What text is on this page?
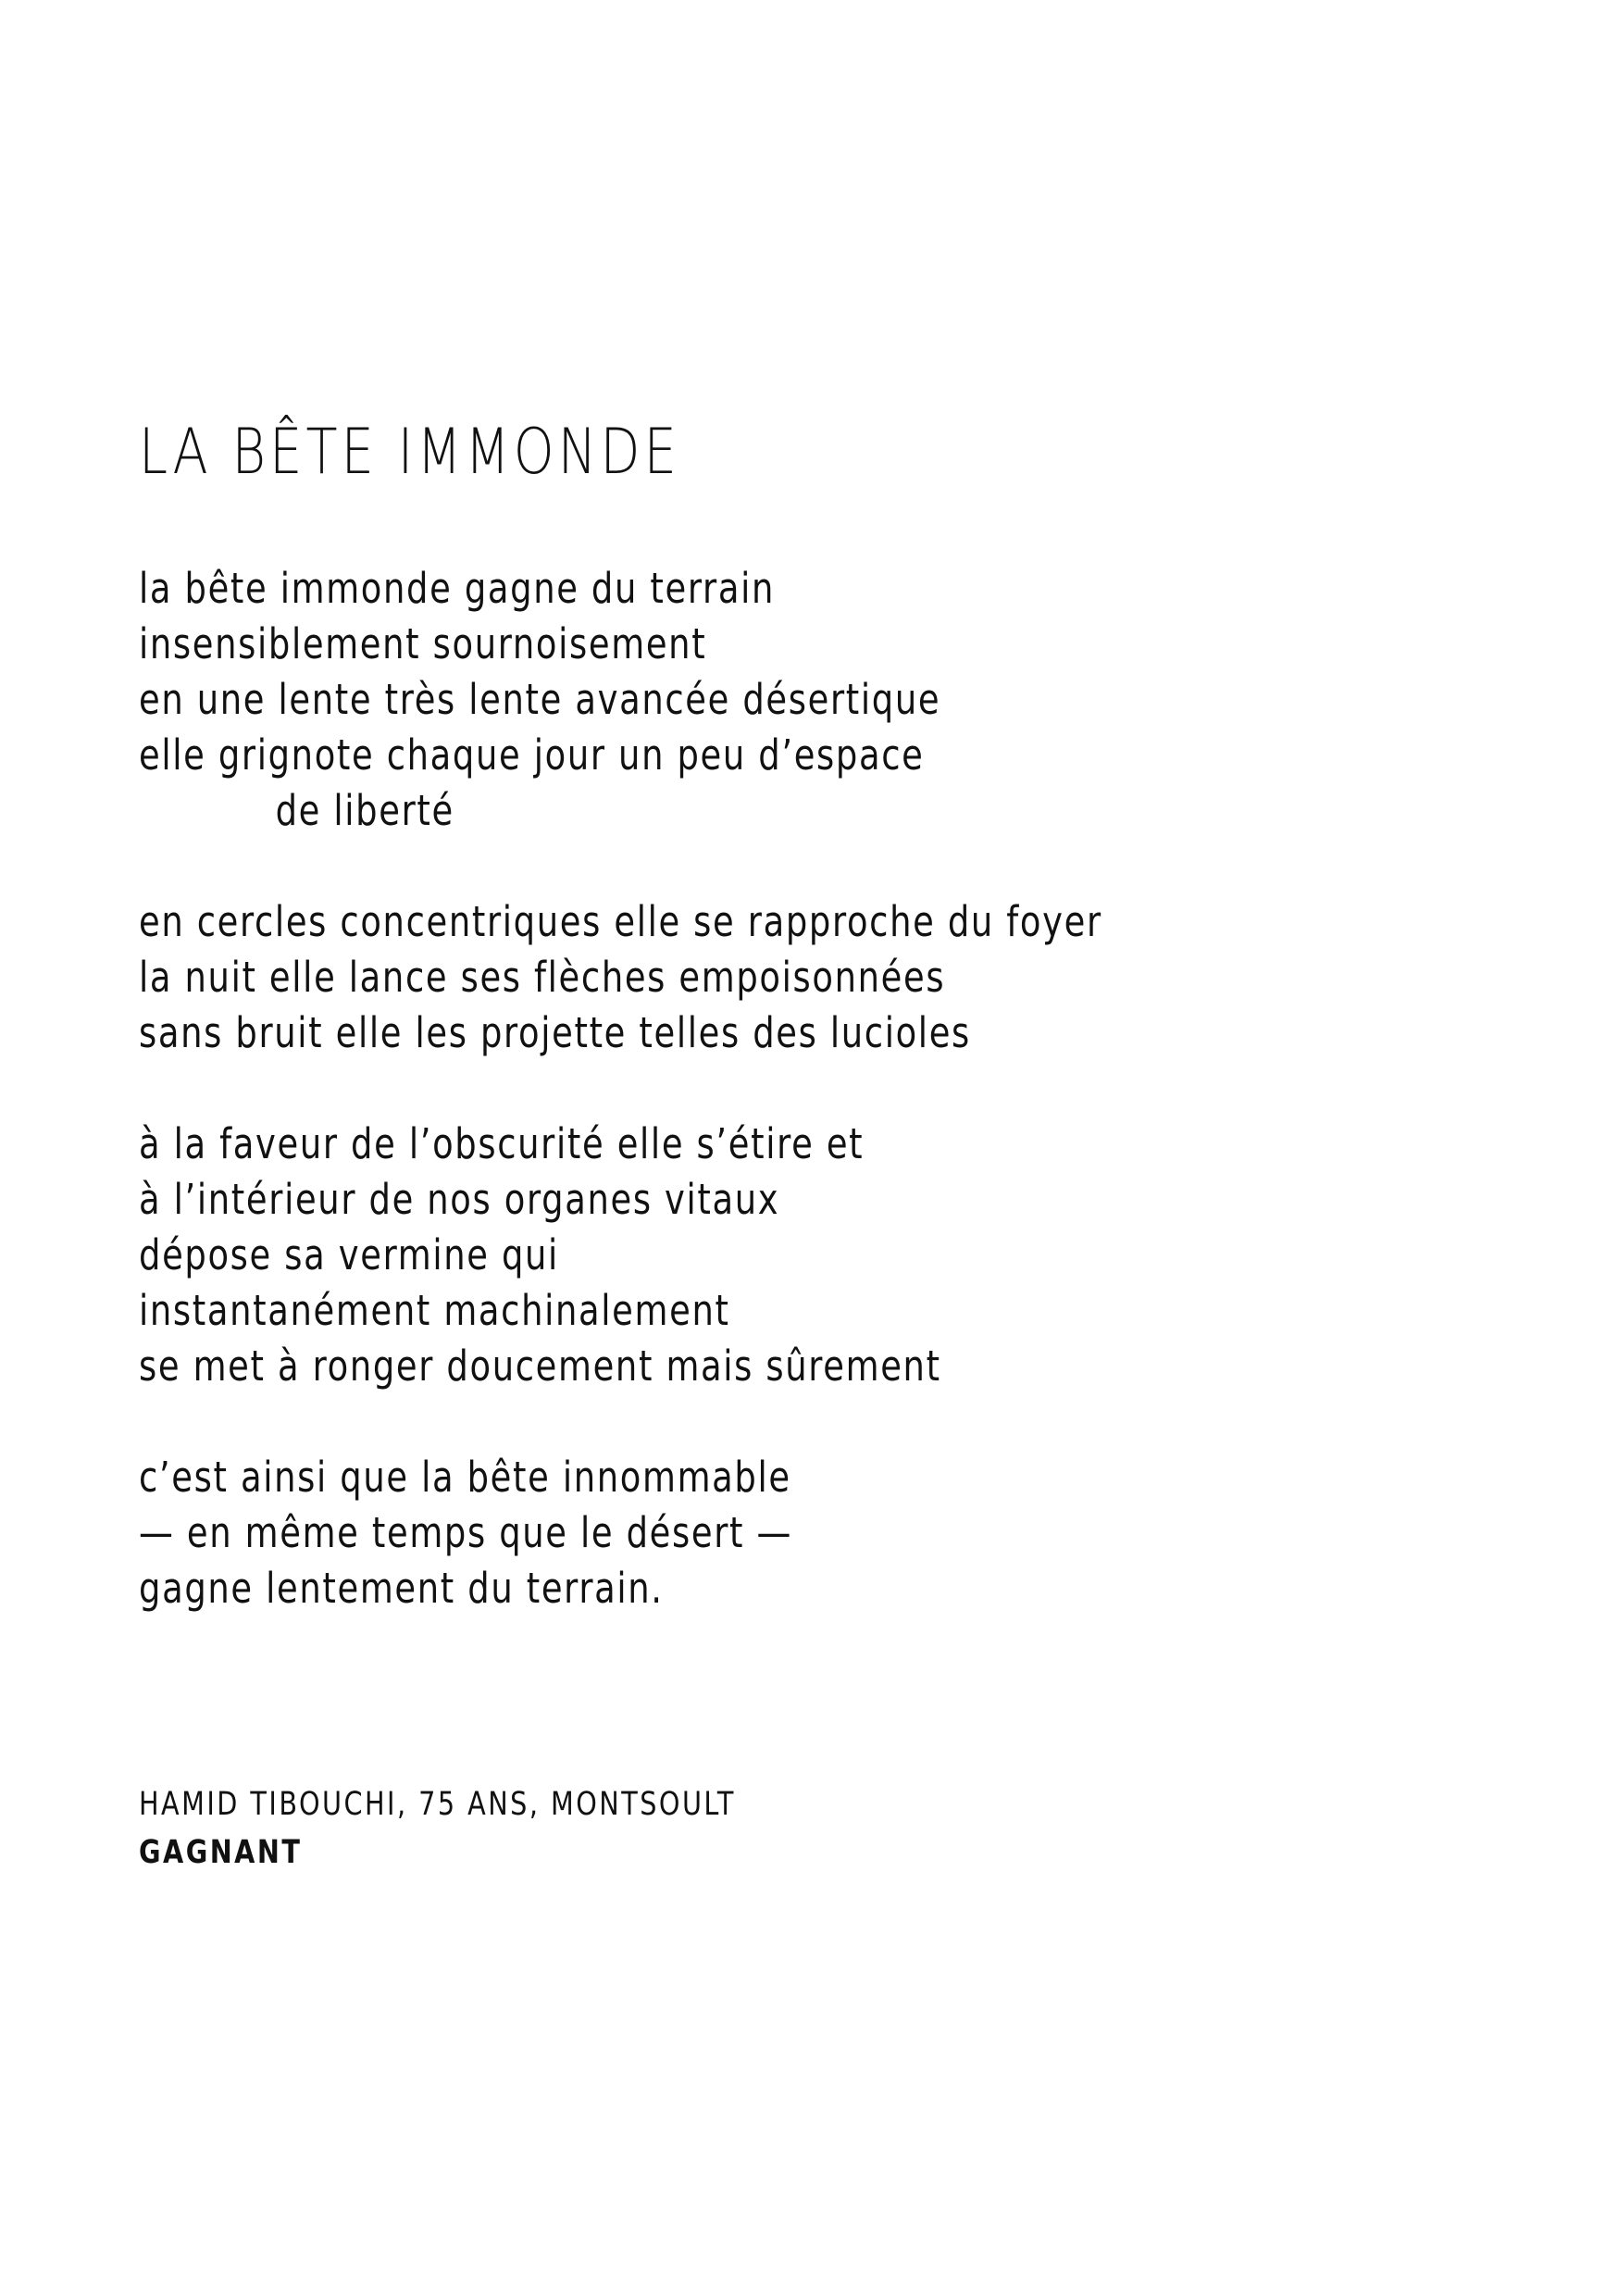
LA BÊTE IMMONDE
la bête immonde gagne du terrain
insensiblement sournoisement
en une lente très lente avancée désertique
elle grignote chaque jour un peu d’espace
de liberté
en cercles concentriques elle se rapproche du foyer
la nuit elle lance ses flèches empoisonnées
sans bruit elle les projette telles des lucioles
à la faveur de l’obscurité elle s’étire et
à l’intérieur de nos organes vitaux
dépose sa vermine qui
instantanément machinalement
se met à ronger doucement mais sûrement
c’est ainsi que la bête innommable
— en même temps que le désert —
gagne lentement du terrain.
HAMID TIBOUCHI, 75 ANS, MONTSOULT
GAGNANT
